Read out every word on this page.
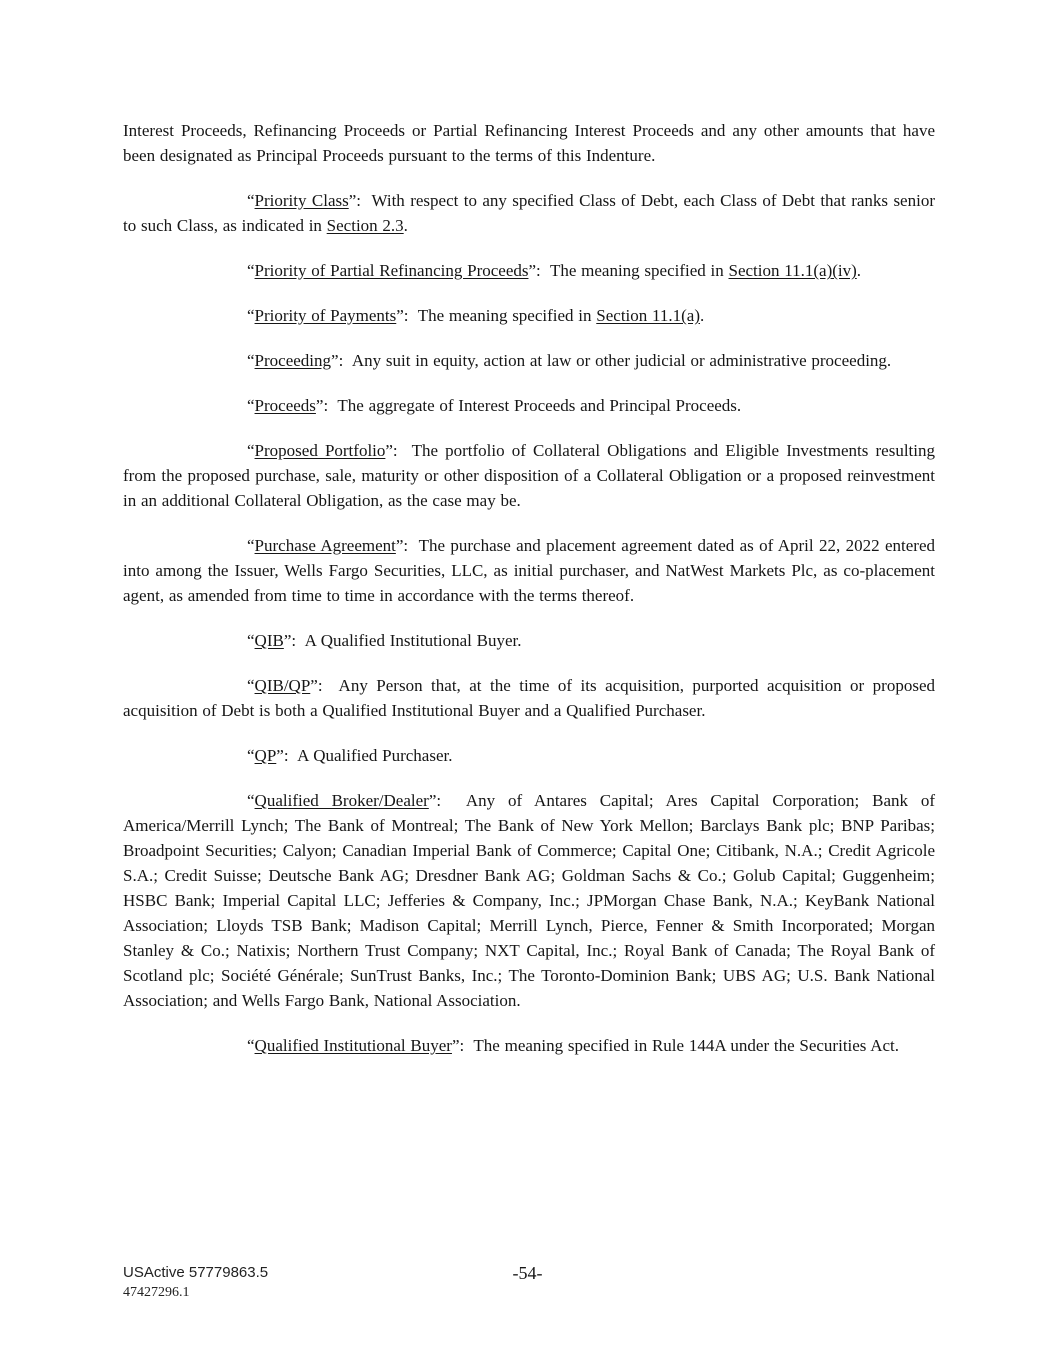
Interest Proceeds, Refinancing Proceeds or Partial Refinancing Interest Proceeds and any other amounts that have been designated as Principal Proceeds pursuant to the terms of this Indenture.

“Priority Class”:  With respect to any specified Class of Debt, each Class of Debt that ranks senior to such Class, as indicated in Section 2.3.

“Priority of Partial Refinancing Proceeds”:  The meaning specified in Section 11.1(a)(iv).

“Priority of Payments”:  The meaning specified in Section 11.1(a).

“Proceeding”:  Any suit in equity, action at law or other judicial or administrative proceeding.

“Proceeds”:  The aggregate of Interest Proceeds and Principal Proceeds.

“Proposed Portfolio”:  The portfolio of Collateral Obligations and Eligible Investments resulting from the proposed purchase, sale, maturity or other disposition of a Collateral Obligation or a proposed reinvestment in an additional Collateral Obligation, as the case may be.

“Purchase Agreement”:  The purchase and placement agreement dated as of April 22, 2022 entered into among the Issuer, Wells Fargo Securities, LLC, as initial purchaser, and NatWest Markets Plc, as co-placement agent, as amended from time to time in accordance with the terms thereof.

“QIB”:  A Qualified Institutional Buyer.

“QIB/QP”:  Any Person that, at the time of its acquisition, purported acquisition or proposed acquisition of Debt is both a Qualified Institutional Buyer and a Qualified Purchaser.

“QP”:  A Qualified Purchaser.

“Qualified Broker/Dealer”:  Any of Antares Capital; Ares Capital Corporation; Bank of America/Merrill Lynch; The Bank of Montreal; The Bank of New York Mellon; Barclays Bank plc; BNP Paribas; Broadpoint Securities; Calyon; Canadian Imperial Bank of Commerce; Capital One; Citibank, N.A.; Credit Agricole S.A.; Credit Suisse; Deutsche Bank AG; Dresdner Bank AG; Goldman Sachs & Co.; Golub Capital; Guggenheim; HSBC Bank; Imperial Capital LLC; Jefferies & Company, Inc.; JPMorgan Chase Bank, N.A.; KeyBank National Association; Lloyds TSB Bank; Madison Capital; Merrill Lynch, Pierce, Fenner & Smith Incorporated; Morgan Stanley & Co.; Natixis; Northern Trust Company; NXT Capital, Inc.; Royal Bank of Canada; The Royal Bank of Scotland plc; Société Générale; SunTrust Banks, Inc.; The Toronto-Dominion Bank; UBS AG; U.S. Bank National Association; and Wells Fargo Bank, National Association.

“Qualified Institutional Buyer”:  The meaning specified in Rule 144A under the Securities Act.

USActive 57779863.5
47427296.1
-54-
